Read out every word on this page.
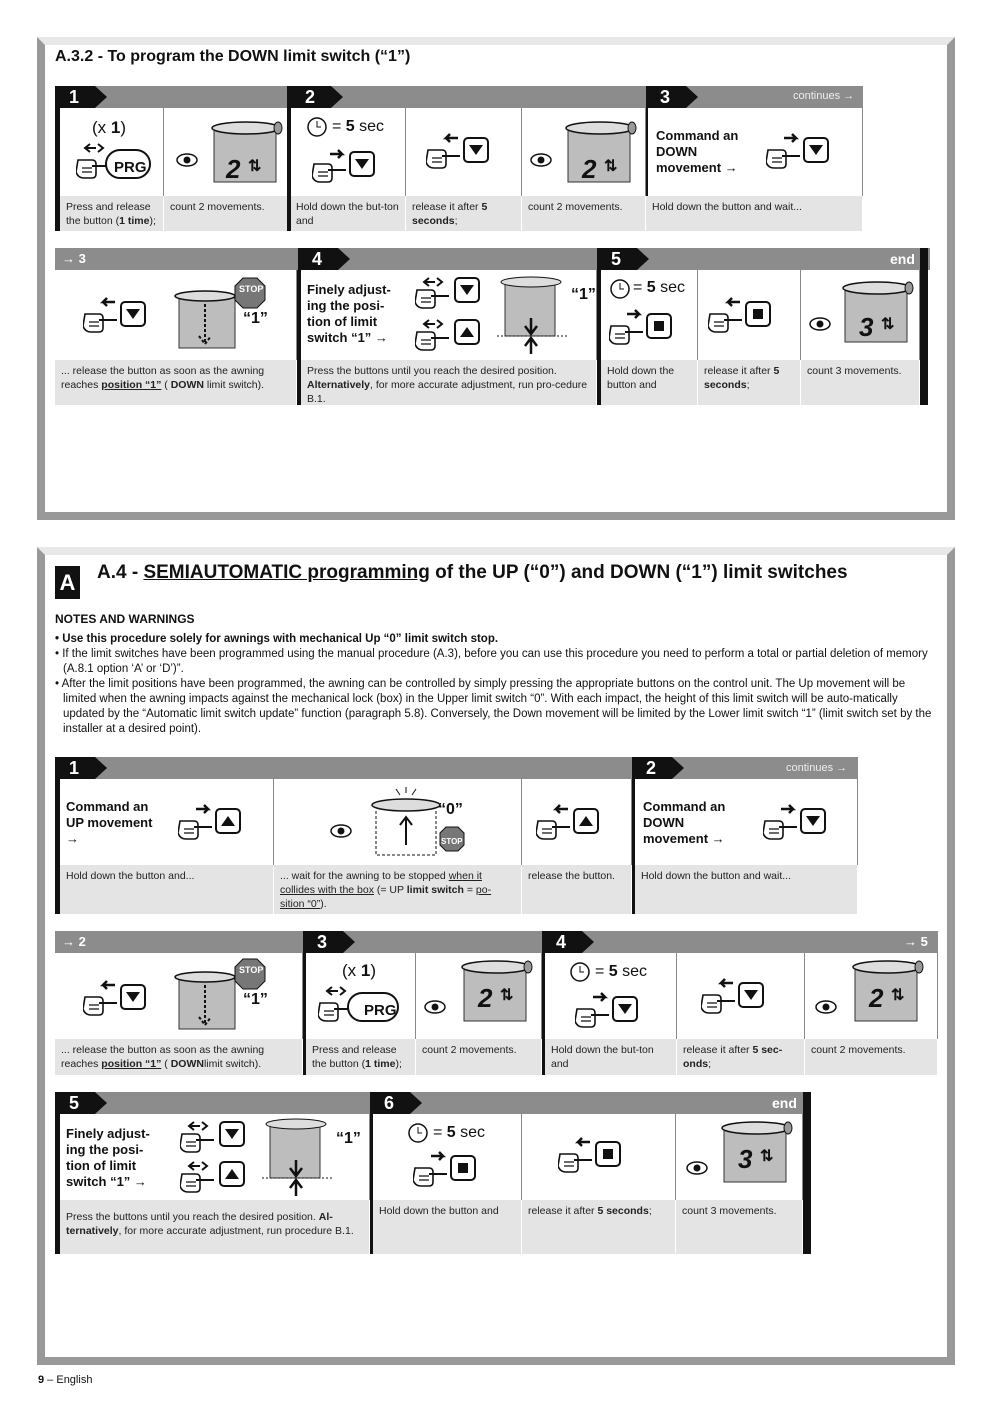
A.3.2 - To program the DOWN limit switch (“1”)
1	2	3	continues →
(x 1)
PRG	2 ⇅
= 5 sec
2 ⇅
Command an DOWN movement →
Press and release the button (1 time);
count 2 movements.	Hold down the but-ton and
release it after 5 seconds;
count 2 movements.	Hold down the button and wait...
→ 3	4	5	end
STOP
“1”
Finely adjust-ing the posi-tion of limit switch “1” →
“1” = 5 sec
3 ⇅
... release the button as soon as the awning reaches position “1” ( DOWN limit switch).
Press the buttons until you reach the desired position. Alternatively, for more accurate adjustment, run pro-cedure B.1.
Hold down the button and
release it after 5 seconds;
count 3 movements.
A A.4 - SEMIAUTOMATIC programming of the UP (“0”) and DOWN (“1”) limit switches
NOTES AND WARNINGS

• Use this procedure solely for awnings with mechanical Up “0” limit switch stop.

• If the limit switches have been programmed using the manual procedure (A.3), before you can use this procedure you need to perform a total or partial deletion of memory (A.8.1 option ‘A’ or ‘D’)”.

• After the limit positions have been programmed, the awning can be controlled by simply pressing the appropriate buttons on the control unit. The Up movement will be limited when the awning impacts against the mechanical lock (box) in the Upper limit switch “0”. With each impact, the height of this limit switch will be auto-matically updated by the “Automatic limit switch update” function (paragraph 5.8). Conversely, the Down movement will be limited by the Lower limit switch “1” (limit switch set by the installer at a desired point).

1	2	continues →
Command an UP movement →
“0”
STOP
Command an DOWN movement →
Hold down the button and...	... wait for the awning to be stopped when it collides with the box (= UP limit switch = po-sition “0”).
release the button.	Hold down the button and wait...
→ 2	3	4	→ 5
STOP
“1”
(x 1)
PRG	2 ⇅
= 5 sec
2 ⇅
... release the button as soon as the awning reaches position “1” ( DOWNlimit switch).
Press and release the button (1 time);
count 2 movements.	Hold down the but-ton and
release it after 5 sec-onds;
count 2 movements.
5	6	end
Finely adjust-ing the posi-tion of limit switch “1” →
“1”	= 5 sec
3 ⇅
Press the buttons until you reach the desired position. Al-ternatively, for more accurate adjustment, run procedure B.1.
Hold down the button and	release it after 5 seconds;	count 3 movements.
9 – English
